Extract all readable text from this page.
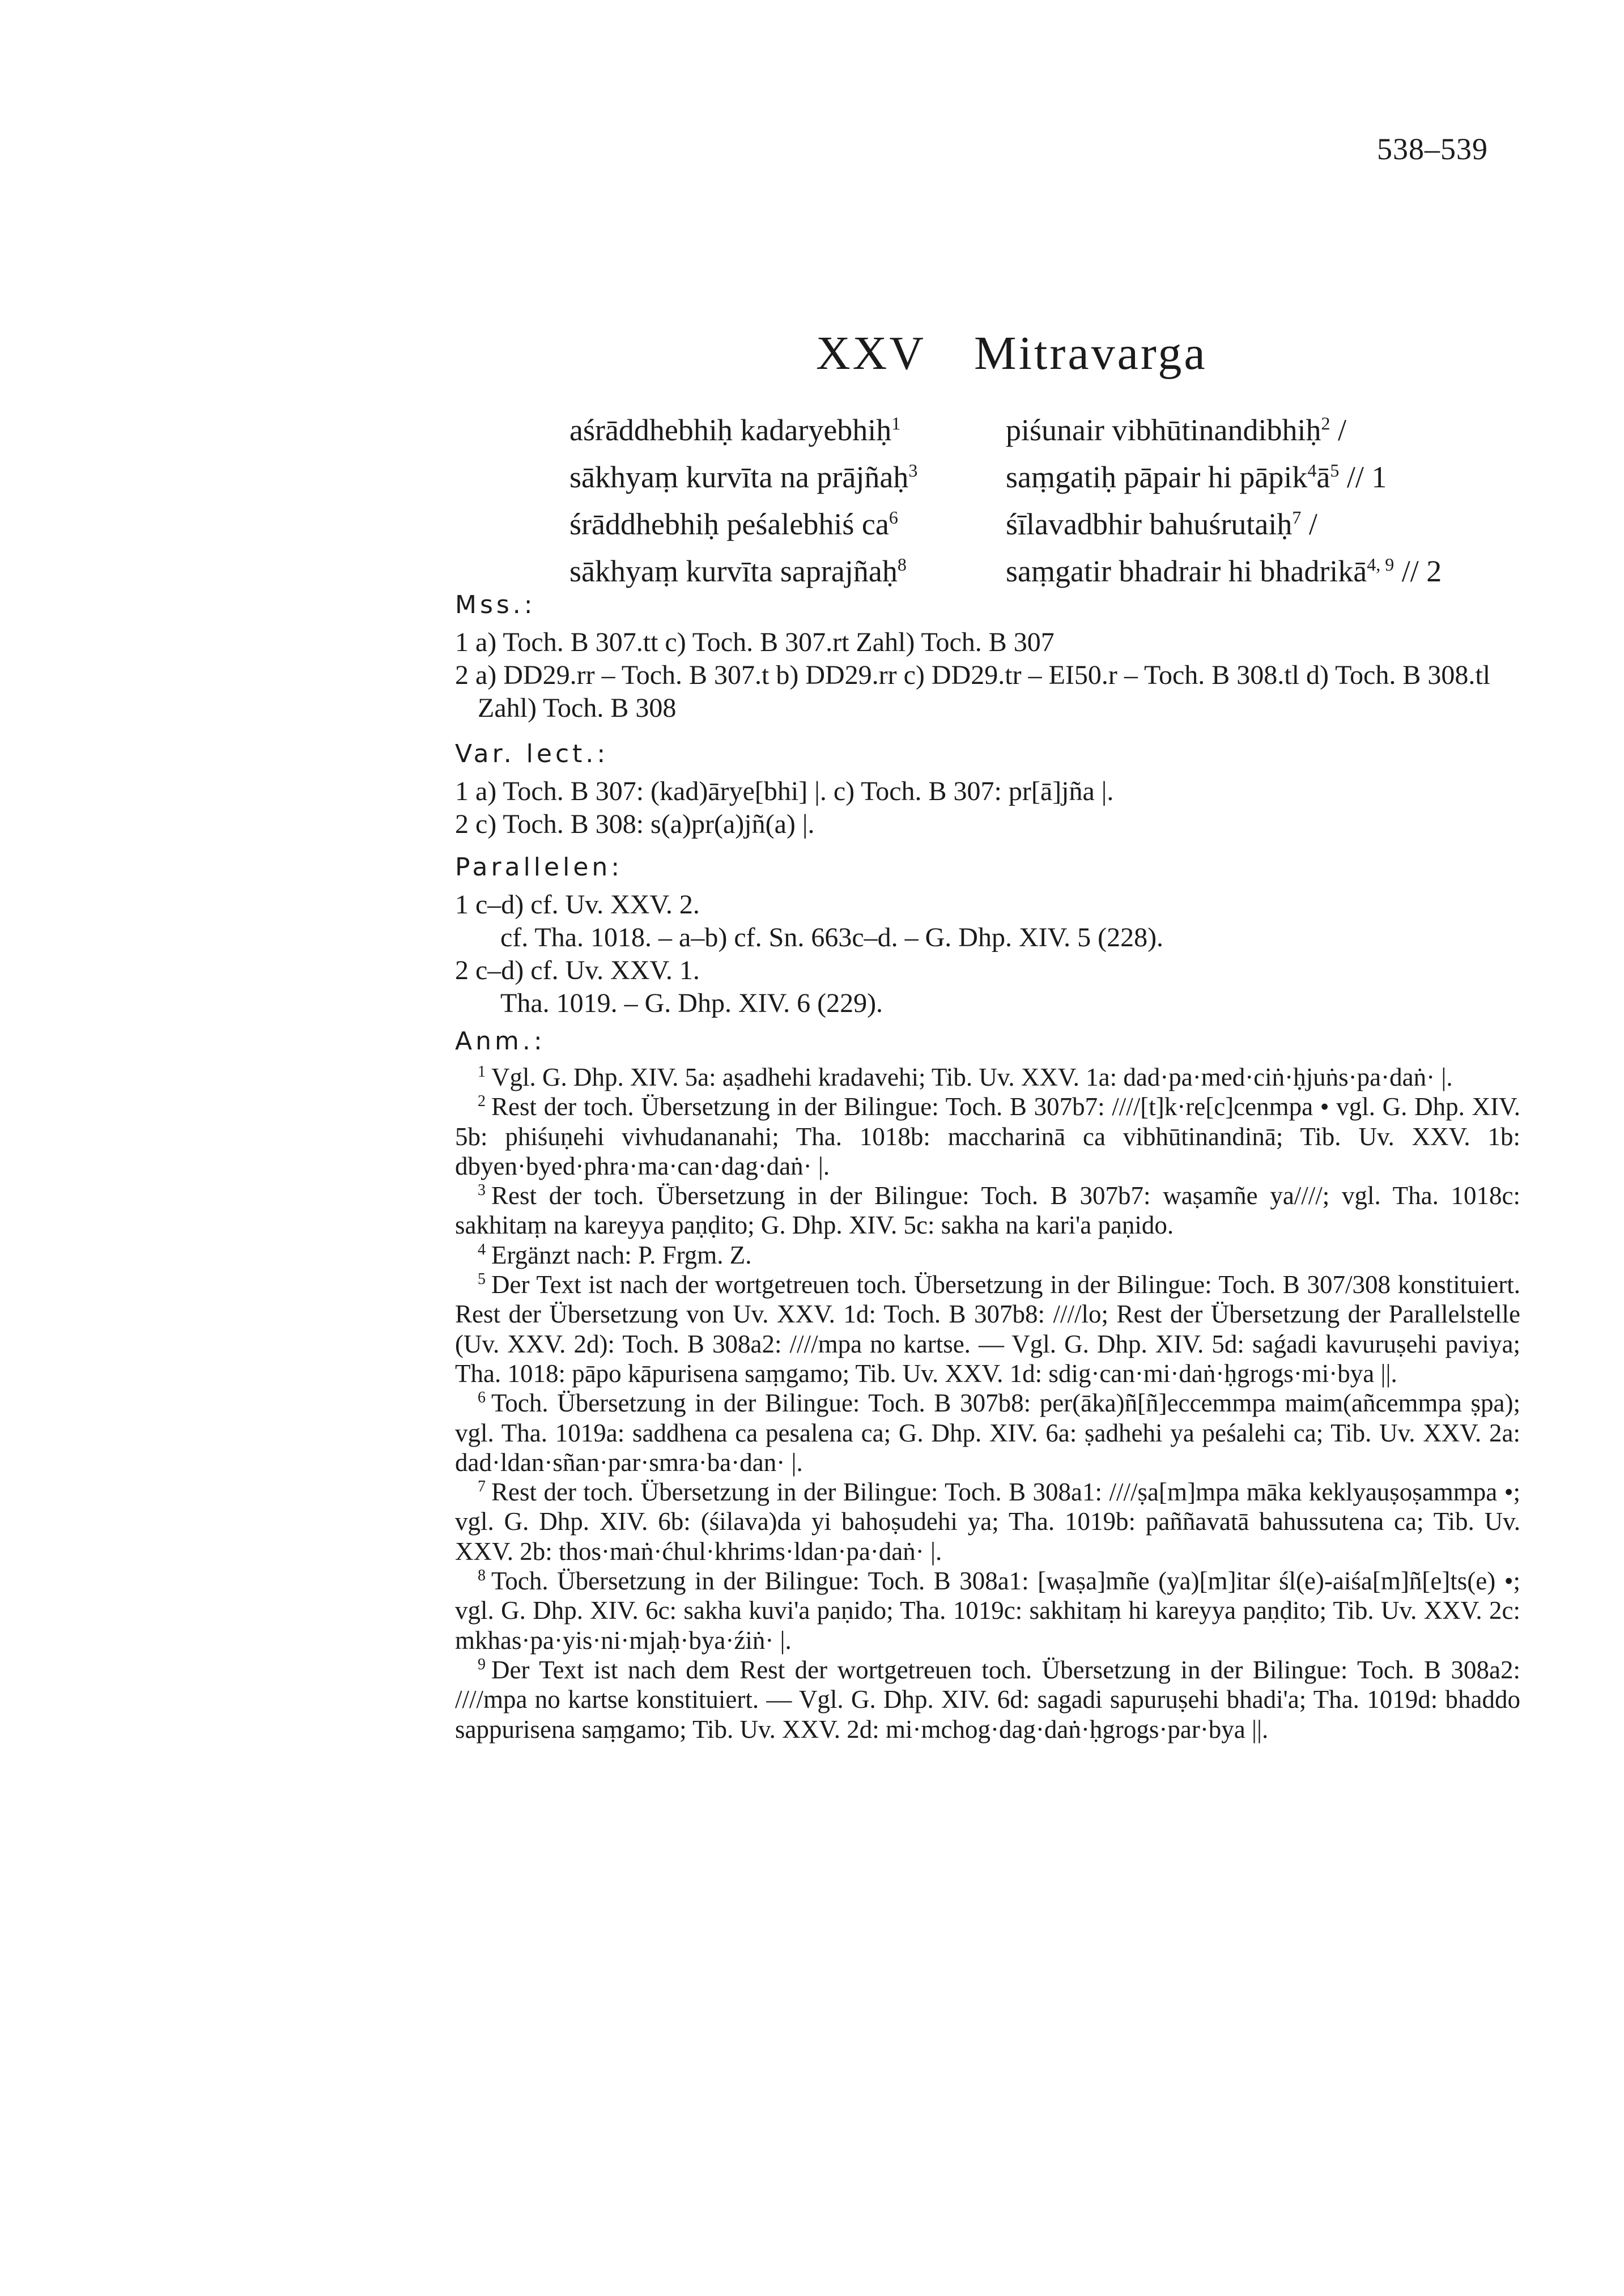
538–539
XXV Mitravarga
aśrāddhebhiḥ kadaryebhiḥ$^1$	piśunair vibhūtinandibhiḥ$^2$ /
sākhyaṃ kurvīta na prājñaḥ$^3$	saṃgatiḥ pāpair hi $pāpik^4ā^5 // 1$
śrāddhebhiḥ peśalebhiś $ca^6$	śīlavadbhir bahuśrutaiḥ$^7$ /
sākhyaṃ kurvīta saprajñaḥ$^8$	saṃgatir bhadrair hi bhadrikā$^{4, 9}$ // 2
Mss.:
1 a) Toch. B 307.tt c) Toch. B 307.rt Zahl) Toch. B 307
2 a) DD29.rr – Toch. B 307.t b) DD29.rr c) DD29.tr – EI50.r – Toch. B 308.tl d) Toch. B 308.tl Zahl) Toch. B 308
Var. lect.:
1 a) Toch. B 307: (kad)ārye[bhi] |. c) Toch. B 307: pr[ā]jña |.
2 c) Toch. B 308: s(a)pr(a)jñ(a) |.
Parallelen:
1 c–d) cf. Uv. XXV. 2.
cf. Tha. 1018. – a–b) cf. Sn. 663c–d. – G. Dhp. XIV. 5 (228).
2 c–d) cf. Uv. XXV. 1.
Tha. 1019. – G. Dhp. XIV. 6 (229).
Anm.:

$^1$ Vgl. G. Dhp. XIV. 5a: aṣadhehi kradavehi; Tib. Uv. XXV. 1a: dad·pa·med·ciṅ·ḥjuṅs·pa·daṅ· |.

$^2$ Rest der toch. Übersetzung in der Bilingue: Toch. B 307b7: ////[t]k·re[c]cenmpa • vgl. G. Dhp. XIV. 5b: phiśuṇehi vivhudananahi; Tha. 1018b: maccharinā ca vibhūtinandinā; Tib. Uv. XXV. 1b: dbyen·byed·phra·ma·can·dag·daṅ· |.

$^3$ Rest der toch. Übersetzung in der Bilingue: Toch. B 307b7: waṣamñe ya////; vgl. Tha. 1018c: sakhitaṃ na kareyya paṇḍito; G. Dhp. XIV. 5c: sakha na kari'a paṇido.

$^4$ Ergänzt nach: P. Frgm. Z.

$^5$ Der Text ist nach der wortgetreuen toch. Übersetzung in der Bilingue: Toch. B 307/308 konstituiert. Rest der Übersetzung von Uv. XXV. 1d: Toch. B 307b8: ////lo; Rest der Übersetzung der Parallelstelle (Uv. XXV. 2d): Toch. B 308a2: ////mpa no kartse. — Vgl. G. Dhp. XIV. 5d: saǵadi kavuruṣehi paviya; Tha. 1018: pāpo kāpurisena saṃgamo; Tib. Uv. XXV. 1d: sdig·can·mi·daṅ·ḥgrogs·mi·bya ||.

$^6$ Toch. Übersetzung in der Bilingue: Toch. B 307b8: per(āka)ñ[ñ]eccemmpa maim(añcemmpa ṣpa); vgl. Tha. 1019a: saddhena ca pesalena ca; G. Dhp. XIV. 6a: ṣadhehi ya peśalehi ca; Tib. Uv. XXV. 2a: dad·ldan·sñan·par·smra·ba·dan· |.

$^7$ Rest der toch. Übersetzung in der Bilingue: Toch. B 308a1: ////ṣa[m]mpa māka keklyauṣoṣammpa •; vgl. G. Dhp. XIV. 6b: (śilava)da yi bahoṣudehi ya; Tha. 1019b: paññavatā bahussutena ca; Tib. Uv. XXV. 2b: thos·maṅ·ćhul·khrims·ldan·pa·daṅ· |.

$^8$ Toch. Übersetzung in der Bilingue: Toch. B 308a1: [waṣa]mñe (ya)[m]itar śl(e)-aiśa[m]ñ[e]ts(e) •; vgl. G. Dhp. XIV. 6c: sakha kuvi'a paṇido; Tha. 1019c: sakhitaṃ hi kareyya paṇḍito; Tib. Uv. XXV. 2c: mkhas·pa·yis·ni·mjaḥ·bya·źiṅ· |.

$^9$ Der Text ist nach dem Rest der wortgetreuen toch. Übersetzung in der Bilingue: Toch. B 308a2: ////mpa no kartse konstituiert. — Vgl. G. Dhp. XIV. 6d: sagadi sapuruṣehi bhadi'a; Tha. 1019d: bhaddo sappurisena saṃgamo; Tib. Uv. XXV. 2d: mi·mchog·dag·daṅ·ḥgrogs·par·bya ||.
